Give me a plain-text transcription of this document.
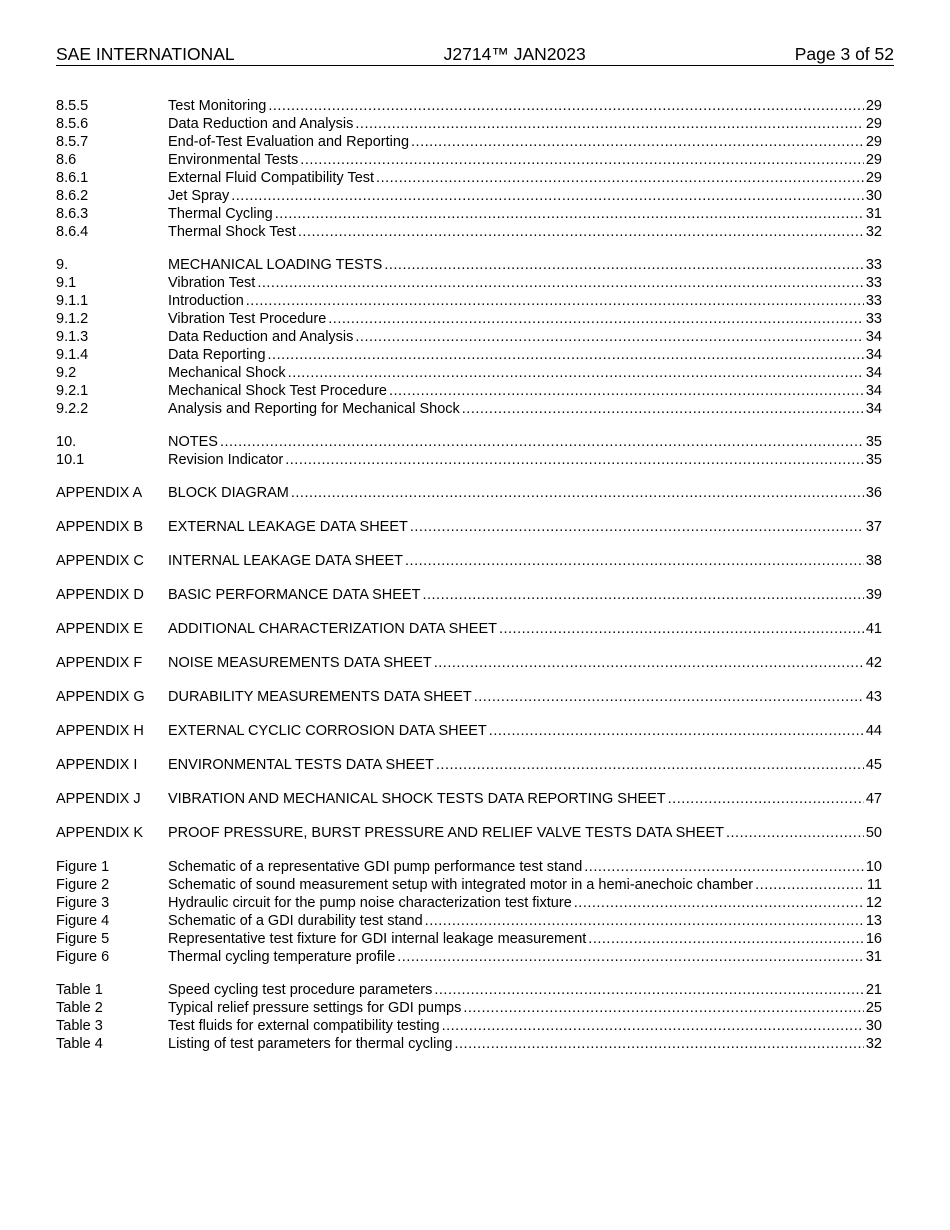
SAE INTERNATIONAL	J2714™ JAN2023	Page 3 of 52
8.5.5	Test Monitoring .....	29
8.5.6	Data Reduction and Analysis .....	29
8.5.7	End-of-Test Evaluation and Reporting .....	29
8.6	Environmental Tests .....	29
8.6.1	External Fluid Compatibility Test .....	29
8.6.2	Jet Spray .....	30
8.6.3	Thermal Cycling .....	31
8.6.4	Thermal Shock Test .....	32
9.	MECHANICAL LOADING TESTS .....	33
9.1	Vibration Test .....	33
9.1.1	Introduction .....	33
9.1.2	Vibration Test Procedure .....	33
9.1.3	Data Reduction and Analysis .....	34
9.1.4	Data Reporting .....	34
9.2	Mechanical Shock .....	34
9.2.1	Mechanical Shock Test Procedure .....	34
9.2.2	Analysis and Reporting for Mechanical Shock .....	34
10.	NOTES .....	35
10.1	Revision Indicator .....	35
APPENDIX A	BLOCK DIAGRAM .....	36
APPENDIX B	EXTERNAL LEAKAGE DATA SHEET .....	37
APPENDIX C	INTERNAL LEAKAGE DATA SHEET .....	38
APPENDIX D	BASIC PERFORMANCE DATA SHEET .....	39
APPENDIX E	ADDITIONAL CHARACTERIZATION DATA SHEET .....	41
APPENDIX F	NOISE MEASUREMENTS DATA SHEET .....	42
APPENDIX G	DURABILITY MEASUREMENTS DATA SHEET .....	43
APPENDIX H	EXTERNAL CYCLIC CORROSION DATA SHEET .....	44
APPENDIX I	ENVIRONMENTAL TESTS DATA SHEET .....	45
APPENDIX J	VIBRATION AND MECHANICAL SHOCK TESTS DATA REPORTING SHEET .....	47
APPENDIX K	PROOF PRESSURE, BURST PRESSURE AND RELIEF VALVE TESTS DATA SHEET .....	50
Figure 1	Schematic of a representative GDI pump performance test stand .....	10
Figure 2	Schematic of sound measurement setup with integrated motor in a hemi-anechoic chamber .....	11
Figure 3	Hydraulic circuit for the pump noise characterization test fixture .....	12
Figure 4	Schematic of a GDI durability test stand .....	13
Figure 5	Representative test fixture for GDI internal leakage measurement .....	16
Figure 6	Thermal cycling temperature profile .....	31
Table 1	Speed cycling test procedure parameters .....	21
Table 2	Typical relief pressure settings for GDI pumps .....	25
Table 3	Test fluids for external compatibility testing .....	30
Table 4	Listing of test parameters for thermal cycling .....	32
